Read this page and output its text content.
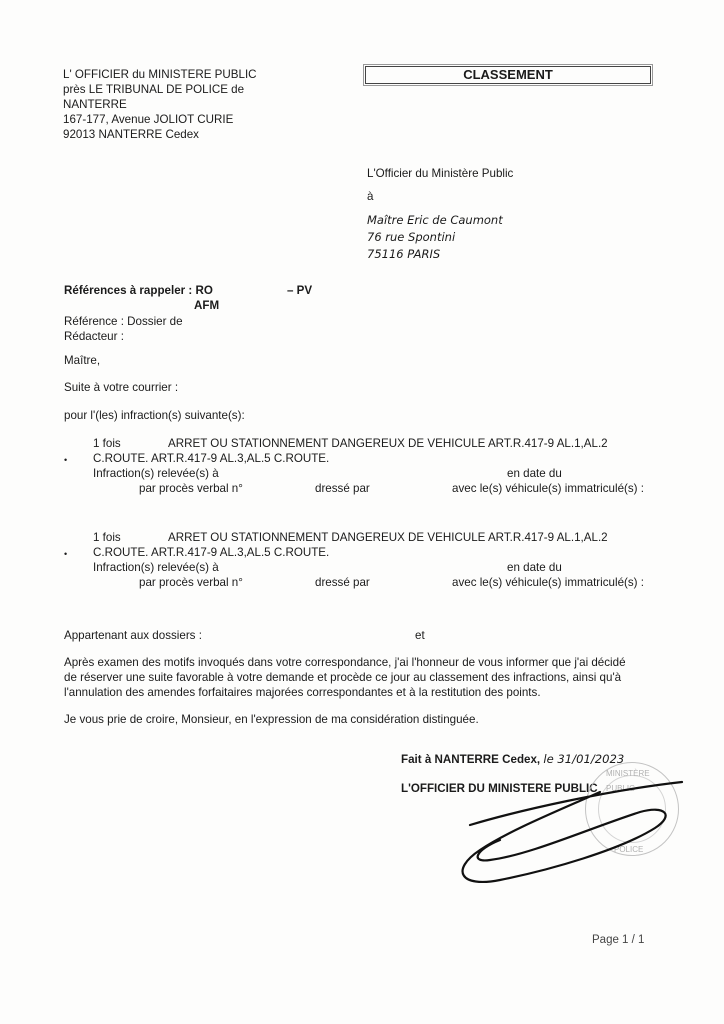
L' OFFICIER du MINISTERE PUBLIC
près LE TRIBUNAL DE POLICE de
NANTERRE
167-177, Avenue JOLIOT CURIE
92013 NANTERRE Cedex
CLASSEMENT
L'Officier du Ministère Public
à
Maître Eric de Caumont
76 rue Spontini
75116 PARIS
Références à rappeler : RO	– PV
AFM
Référence : Dossier de
Rédacteur :
Maître,
Suite à votre courrier :
pour l'(les) infraction(s) suivante(s):
1 fois	ARRET OU STATIONNEMENT DANGEREUX DE VEHICULE ART.R.417-9 AL.1,AL.2
• C.ROUTE. ART.R.417-9 AL.3,AL.5 C.ROUTE.
Infraction(s) relevée(s) à	en date du
par procès verbal n°	dressé par	avec le(s) véhicule(s) immatriculé(s) :
1 fois	ARRET OU STATIONNEMENT DANGEREUX DE VEHICULE ART.R.417-9 AL.1,AL.2
• C.ROUTE. ART.R.417-9 AL.3,AL.5 C.ROUTE.
Infraction(s) relevée(s) à	en date du
par procès verbal n°	dressé par	avec le(s) véhicule(s) immatriculé(s) :
Appartenant aux dossiers :	et
Après examen des motifs invoqués dans votre correspondance, j'ai l'honneur de vous informer que j'ai décidé
de réserver une suite favorable à votre demande et procède ce jour au classement des infractions, ainsi qu'à
l'annulation des amendes forfaitaires majorées correspondantes et à la restitution des points.
Je vous prie de croire, Monsieur, en l'expression de ma considération distinguée.
Fait à NANTERRE Cedex, le 31/01/2023
L'OFFICIER DU MINISTERE PUBLIC
MINISTÈRE PUBLIC
POLICE
Page 1 / 1
